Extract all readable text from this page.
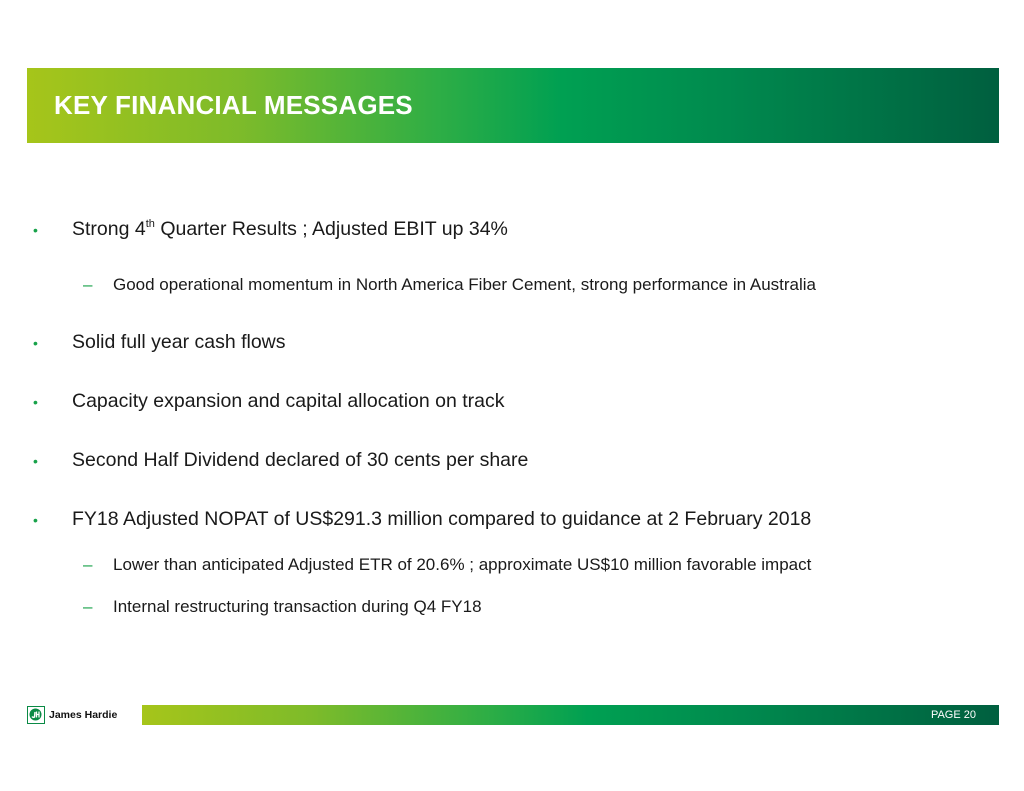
KEY FINANCIAL MESSAGES
• Strong 4th Quarter Results ; Adjusted EBIT up 34%
– Good operational momentum in North America Fiber Cement, strong performance in Australia
• Solid full year cash flows
• Capacity expansion and capital allocation on track
• Second Half Dividend declared of 30 cents per share
• FY18 Adjusted NOPAT of US$291.3 million compared to guidance at 2 February 2018
– Lower than anticipated Adjusted ETR of 20.6% ; approximate US$10 million favorable impact
– Internal restructuring transaction during Q4 FY18
James Hardie	PAGE 20
